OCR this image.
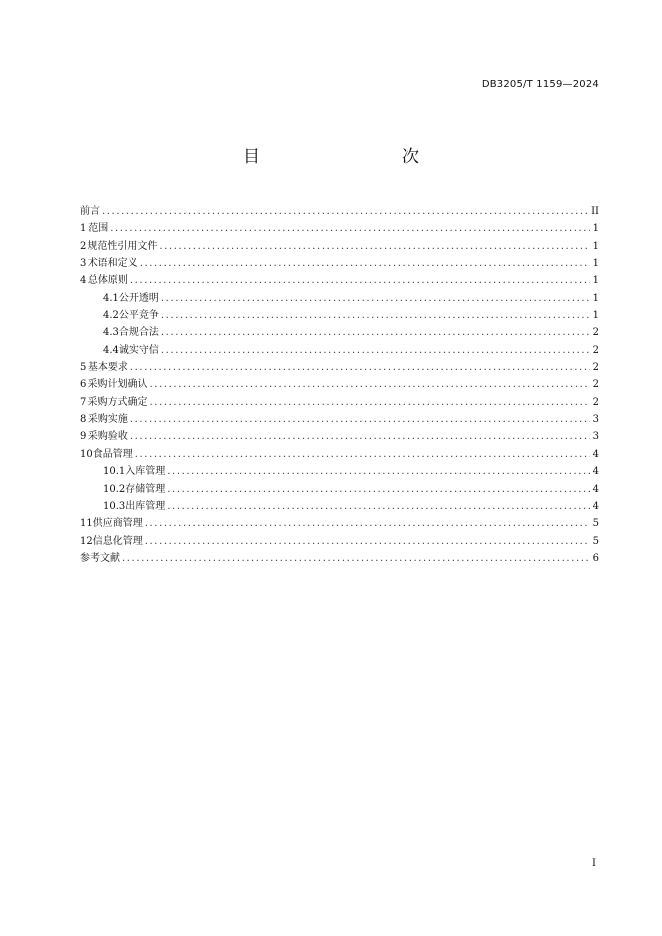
DB3205/T 1159—2024
目　　次
前言 .....	II
1 范围 .....	1
2 规范性引用文件 .....	1
3 术语和定义 .....	1
4 总体原则 .....	1
4.1 公开透明 .....	1
4.2 公平竞争 .....	1
4.3 合规合法 .....	2
4.4 诚实守信 .....	2
5 基本要求 .....	2
6 采购计划确认 .....	2
7 采购方式确定 .....	2
8 采购实施 .....	3
9 采购验收 .....	3
10 食品管理 .....	4
10.1 入库管理 .....	4
10.2 存储管理 .....	4
10.3 出库管理 .....	4
11 供应商管理 .....	5
12 信息化管理 .....	5
参考文献 .....	6
I
